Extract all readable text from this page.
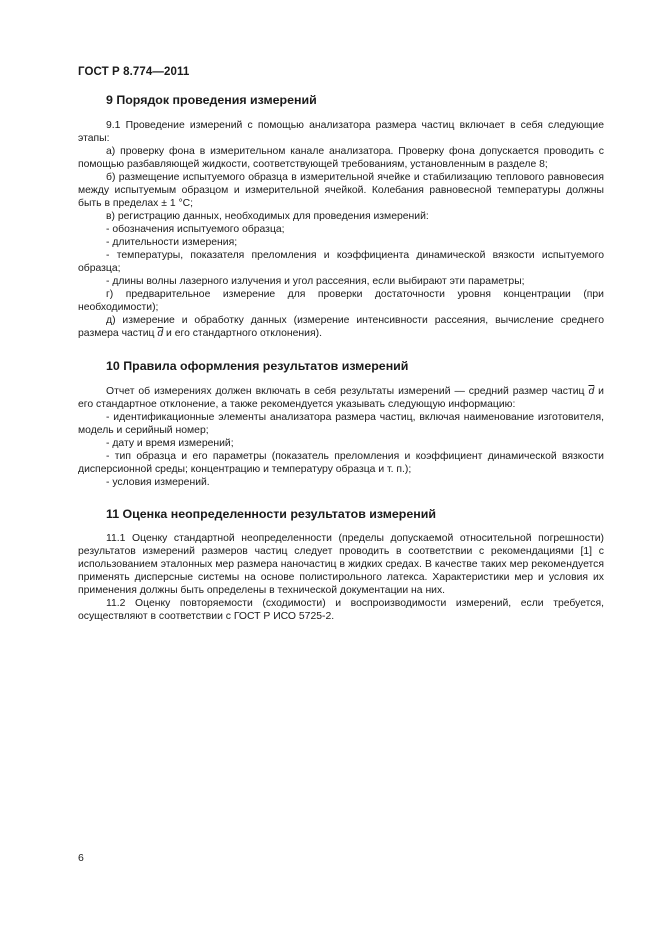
ГОСТ Р 8.774—2011
9 Порядок проведения измерений

9.1 Проведение измерений с помощью анализатора размера частиц включает в себя следующие этапы:

а) проверку фона в измерительном канале анализатора. Проверку фона допускается проводить с помощью разбавляющей жидкости, соответствующей требованиям, установленным в разделе 8;

б) размещение испытуемого образца в измерительной ячейке и стабилизацию теплового равновесия между испытуемым образцом и измерительной ячейкой. Колебания равновесной температуры должны быть в пределах ± 1 °С;

в) регистрацию данных, необходимых для проведения измерений:

- обозначения испытуемого образца;

- длительности измерения;

- температуры, показателя преломления и коэффициента динамической вязкости испытуемого образца;

- длины волны лазерного излучения и угол рассеяния, если выбирают эти параметры;

г) предварительное измерение для проверки достаточности уровня концентрации (при необходимости);

д) измерение и обработку данных (измерение интенсивности рассеяния, вычисление среднего размера частиц $\overline{d}$ и его стандартного отклонения).

10 Правила оформления результатов измерений

Отчет об измерениях должен включать в себя результаты измерений — средний размер частиц $\overline{d}$ и его стандартное отклонение, а также рекомендуется указывать следующую информацию:

- идентификационные элементы анализатора размера частиц, включая наименование изготовителя, модель и серийный номер;

- дату и время измерений;

- тип образца и его параметры (показатель преломления и коэффициент динамической вязкости дисперсионной среды; концентрацию и температуру образца и т. п.);

- условия измерений.

11 Оценка неопределенности результатов измерений

11.1 Оценку стандартной неопределенности (пределы допускаемой относительной погрешности) результатов измерений размеров частиц следует проводить в соответствии с рекомендациями [1] с использованием эталонных мер размера наночастиц в жидких средах. В качестве таких мер рекомендуется применять дисперсные системы на основе полистирольного латекса. Характеристики мер и условия их применения должны быть определены в технической документации на них.

11.2 Оценку повторяемости (сходимости) и воспроизводимости измерений, если требуется, осуществляют в соответствии с ГОСТ Р ИСО 5725-2.

6
